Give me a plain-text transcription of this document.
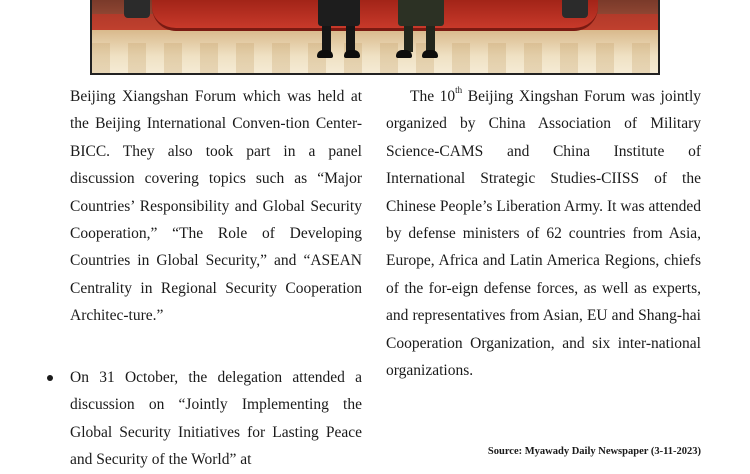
Beijing Xiangshan Forum which was held at the Beijing International Conven-tion Center-BICC. They also took part in a panel discussion covering topics such as “Major Countries’ Responsibility and Global Security Cooperation,” “The Role of Developing Countries in Global Security,” and “ASEAN Centrality in Regional Security Cooperation Architec-ture.”

On 31 October, the delegation attended a discussion on “Jointly Implementing the Global Security Initiatives for Lasting Peace and Security of the World” at

The 10th Beijing Xingshan Forum was jointly organized by China Association of Military Science-CAMS and China Institute of International Strategic Studies-CIISS of the Chinese People’s Liberation Army. It was attended by defense ministers of 62 countries from Asia, Europe, Africa and Latin America Regions, chiefs of the for-eign defense forces, as well as experts, and representatives from Asian, EU and Shang-hai Cooperation Organization, and six inter-national organizations.

Source: Myawady Daily Newspaper (3-11-2023)
